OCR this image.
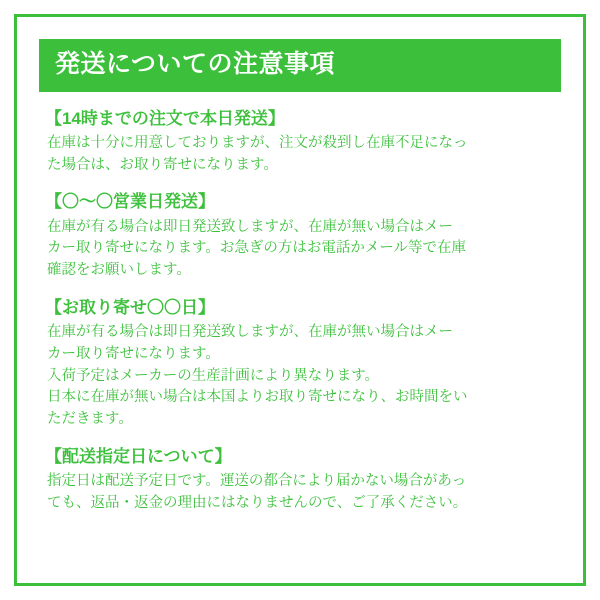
発送についての注意事項
【14時までの注文で本日発送】

在庫は十分に用意しておりますが、注文が殺到し在庫不足になっ

た場合は、お取り寄せになります。

【〇～〇営業日発送】

在庫が有る場合は即日発送致しますが、在庫が無い場合はメー

カー取り寄せになります。お急ぎの方はお電話かメール等で在庫

確認をお願いします。

【お取り寄せ〇〇日】

在庫が有る場合は即日発送致しますが、在庫が無い場合はメー

カー取り寄せになります。

入荷予定はメーカーの生産計画により異なります。

日本に在庫が無い場合は本国よりお取り寄せになり、お時間をい

ただきます。

【配送指定日について】

指定日は配送予定日です。運送の都合により届かない場合があっ

ても、返品・返金の理由にはなりませんので、ご了承ください。
